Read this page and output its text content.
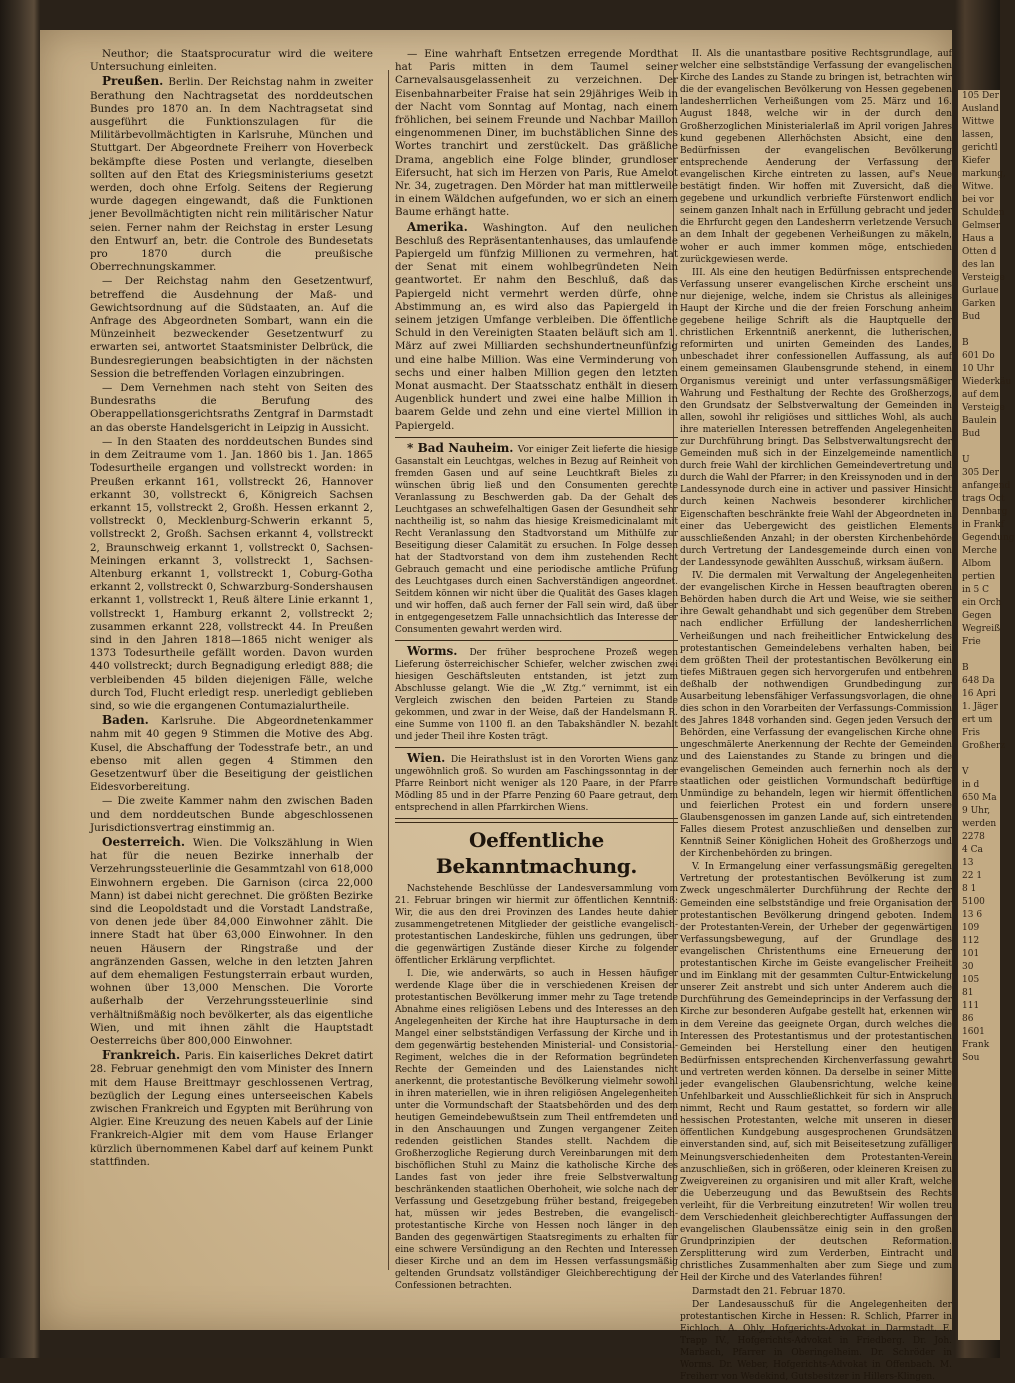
Neuthor; die Staatsprocuratur wird die weitere Untersuchung einleiten.

Preußen. Berlin. Der Reichstag nahm in zweiter Berathung den Nachtragsetat des norddeutschen Bundes pro 1870 an. In dem Nachtragsetat sind ausgeführt die Funktionszulagen für die Militärbevollmächtigten in Karlsruhe, München und Stuttgart. Der Abgeordnete Freiherr von Hoverbeck bekämpfte diese Posten und verlangte, dieselben sollten auf den Etat des Kriegsministeriums gesetzt werden, doch ohne Erfolg. Seitens der Regierung wurde dagegen eingewandt, daß die Funktionen jener Bevollmächtigten nicht rein militärischer Natur seien. Ferner nahm der Reichstag in erster Lesung den Entwurf an, betr. die Controle des Bundesetats pro 1870 durch die preußische Oberrechnungskammer.

— Der Reichstag nahm den Gesetzentwurf, betreffend die Ausdehnung der Maß- und Gewichtsordnung auf die Südstaaten, an. Auf die Anfrage des Abgeordneten Sombart, wann ein die Münzeinheit bezweckender Gesetzentwurf zu erwarten sei, antwortet Staatsminister Delbrück, die Bundesregierungen beabsichtigten in der nächsten Session die betreffenden Vorlagen einzubringen.

— Dem Vernehmen nach steht von Seiten des Bundesraths die Berufung des Oberappellationsgerichtsraths Zentgraf in Darmstadt an das oberste Handelsgericht in Leipzig in Aussicht.

— In den Staaten des norddeutschen Bundes sind in dem Zeitraume vom 1. Jan. 1860 bis 1. Jan. 1865 Todesurtheile ergangen und vollstreckt worden: in Preußen erkannt 161, vollstreckt 26, Hannover erkannt 30, vollstreckt 6, Königreich Sachsen erkannt 15, vollstreckt 2, Großh. Hessen erkannt 2, vollstreckt 0, Mecklenburg-Schwerin erkannt 5, vollstreckt 2, Großh. Sachsen erkannt 4, vollstreckt 2, Braunschweig erkannt 1, vollstreckt 0, Sachsen-Meiningen erkannt 3, vollstreckt 1, Sachsen-Altenburg erkannt 1, vollstreckt 1, Coburg-Gotha erkannt 2, vollstreckt 0, Schwarzburg-Sondershausen erkannt 1, vollstreckt 1, Reuß ältere Linie erkannt 1, vollstreckt 1, Hamburg erkannt 2, vollstreckt 2; zusammen erkannt 228, vollstreckt 44. In Preußen sind in den Jahren 1818—1865 nicht weniger als 1373 Todesurtheile gefällt worden. Davon wurden 440 vollstreckt; durch Begnadigung erledigt 888; die verbleibenden 45 bilden diejenigen Fälle, welche durch Tod, Flucht erledigt resp. unerledigt geblieben sind, so wie die ergangenen Contumazialurtheile.

Baden. Karlsruhe. Die Abgeordnetenkammer nahm mit 40 gegen 9 Stimmen die Motive des Abg. Kusel, die Abschaffung der Todesstrafe betr., an und ebenso mit allen gegen 4 Stimmen den Gesetzentwurf über die Beseitigung der geistlichen Eidesvorbereitung.

— Die zweite Kammer nahm den zwischen Baden und dem norddeutschen Bunde abgeschlossenen Jurisdictionsvertrag einstimmig an.

Oesterreich. Wien. Die Volkszählung in Wien hat für die neuen Bezirke innerhalb der Verzehrungssteuerlinie die Gesammtzahl von 618,000 Einwohnern ergeben. Die Garnison (circa 22,000 Mann) ist dabei nicht gerechnet. Die größten Bezirke sind die Leopoldstadt und die Vorstadt Landstraße, von denen jede über 84,000 Einwohner zählt. Die innere Stadt hat über 63,000 Einwohner. In den neuen Häusern der Ringstraße und der angränzenden Gassen, welche in den letzten Jahren auf dem ehemaligen Festungsterrain erbaut wurden, wohnen über 13,000 Menschen. Die Vororte außerhalb der Verzehrungssteuerlinie sind verhältnißmäßig noch bevölkerter, als das eigentliche Wien, und mit ihnen zählt die Hauptstadt Oesterreichs über 800,000 Einwohner.

Frankreich. Paris. Ein kaiserliches Dekret datirt 28. Februar genehmigt den vom Minister des Innern mit dem Hause Breittmayr geschlossenen Vertrag, bezüglich der Legung eines unterseeischen Kabels zwischen Frankreich und Egypten mit Berührung von Algier. Eine Kreuzung des neuen Kabels auf der Linie Frankreich-Algier mit dem vom Hause Erlanger kürzlich übernommenen Kabel darf auf keinem Punkt stattfinden.

— Eine wahrhaft Entsetzen erregende Mordthat hat Paris mitten in dem Taumel seiner Carnevalsausgelassenheit zu verzeichnen. Der Eisenbahnarbeiter Fraise hat sein 29jähriges Weib in der Nacht vom Sonntag auf Montag, nach einem fröhlichen, bei seinem Freunde und Nachbar Maillon eingenommenen Diner, im buchstäblichen Sinne des Wortes tranchirt und zerstückelt. Das gräßliche Drama, angeblich eine Folge blinder, grundloser Eifersucht, hat sich im Herzen von Paris, Rue Amelot Nr. 34, zugetragen. Den Mörder hat man mittlerweile in einem Wäldchen aufgefunden, wo er sich an einem Baume erhängt hatte.

Amerika. Washington. Auf den neulichen Beschluß des Repräsentantenhauses, das umlaufende Papiergeld um fünfzig Millionen zu vermehren, hat der Senat mit einem wohlbegründeten Nein geantwortet. Er nahm den Beschluß, daß das Papiergeld nicht vermehrt werden dürfe, ohne Abstimmung an, es wird also das Papiergeld in seinem jetzigen Umfange verbleiben. Die öffentliche Schuld in den Vereinigten Staaten beläuft sich am 1. März auf zwei Milliarden sechshundertneunfünfzig und eine halbe Million. Was eine Verminderung von sechs und einer halben Million gegen den letzten Monat ausmacht. Der Staatsschatz enthält in diesem Augenblick hundert und zwei eine halbe Million in baarem Gelde und zehn und eine viertel Million in Papiergeld.

* Bad Nauheim. Vor einiger Zeit lieferte die hiesige Gasanstalt ein Leuchtgas, welches in Bezug auf Reinheit von fremden Gasen und auf seine Leuchtkraft Bieles zu wünschen übrig ließ und den Consumenten gerechte Veranlassung zu Beschwerden gab. Da der Gehalt des Leuchtgases an schwefelhaltigen Gasen der Gesundheit sehr nachtheilig ist, so nahm das hiesige Kreismedicinalamt mit Recht Veranlassung den Stadtvorstand um Mithülfe zur Beseitigung dieser Calamität zu ersuchen. In Folge dessen hat der Stadtvorstand von dem ihm zustehenden Recht Gebrauch gemacht und eine periodische amtliche Prüfung des Leuchtgases durch einen Sachverständigen angeordnet. Seitdem können wir nicht über die Qualität des Gases klagen und wir hoffen, daß auch ferner der Fall sein wird, daß über in entgegengesetzem Falle unnachsichtlich das Interesse der Consumenten gewahrt werden wird.

Worms. Der früher besprochene Prozeß wegen Lieferung österreichischer Schiefer, welcher zwischen zwei hiesigen Geschäftsleuten entstanden, ist jetzt zum Abschlusse gelangt. Wie die „W. Ztg.“ vernimmt, ist ein Vergleich zwischen den beiden Parteien zu Stande gekommen, und zwar in der Weise, daß der Handelsmann R. eine Summe von 1100 fl. an den Tabakshändler N. bezahlt und jeder Theil ihre Kosten trägt.

Wien. Die Heirathslust ist in den Vororten Wiens ganz ungewöhnlich groß. So wurden am Faschingssonntag in der Pfarre Reinbort nicht weniger als 120 Paare, in der Pfarre Mödling 85 und in der Pfarre Penzing 60 Paare getraut, dem entsprechend in allen Pfarrkirchen Wiens.

Oeffentliche Bekanntmachung.

Nachstehende Beschlüsse der Landesversammlung vom 21. Februar bringen wir hiermit zur öffentlichen Kenntniß: Wir, die aus den drei Provinzen des Landes heute dahier zusammengetretenen Mitglieder der geistliche evangelisch-protestantischen Landeskirche, fühlen uns gedrungen, über die gegenwärtigen Zustände dieser Kirche zu folgender öffentlicher Erklärung verpflichtet.

I. Die, wie anderwärts, so auch in Hessen häufiger werdende Klage über die in verschiedenen Kreisen der protestantischen Bevölkerung immer mehr zu Tage tretende Abnahme eines religiösen Lebens und des Interesses an den Angelegenheiten der Kirche hat ihre Hauptursache in dem Mangel einer selbstständigen Verfassung der Kirche und in dem gegenwärtig bestehenden Ministerial- und Consistorial-Regiment, welches die in der Reformation begründeten Rechte der Gemeinden und des Laienstandes nicht anerkennt, die protestantische Bevölkerung vielmehr sowohl in ihren materiellen, wie in ihren religiösen Angelegenheiten unter die Vormundschaft der Staatsbehörden und des dem heutigen Gemeindebewußtsein zum Theil entfremdeten und in den Anschauungen und Zungen vergangener Zeiten redenden geistlichen Standes stellt. Nachdem die Großherzogliche Regierung durch Vereinbarungen mit dem bischöflichen Stuhl zu Mainz die katholische Kirche des Landes fast von jeder ihre freie Selbstverwaltung beschränkenden staatlichen Oberhoheit, wie solche nach der Verfassung und Gesetzgebung früher bestand, freigegeben hat, müssen wir jedes Bestreben, die evangelisch-protestantische Kirche von Hessen noch länger in den Banden des gegenwärtigen Staatsregiments zu erhalten für eine schwere Versündigung an den Rechten und Interessen dieser Kirche und an dem im Hessen verfassungsmäßig geltenden Grundsatz vollständiger Gleichberechtigung der Confessionen betrachten.

II. Als die unantastbare positive Rechtsgrundlage, auf welcher eine selbstständige Verfassung der evangelischen Kirche des Landes zu Stande zu bringen ist, betrachten wir die der evangelischen Bevölkerung von Hessen gegebenen landesherrlichen Verheißungen vom 25. März und 16. August 1848, welche wir in der durch den Großherzoglichen Ministerialerlaß im April vorigen Jahres kund gegebenen Allerhöchsten Absicht, eine den Bedürfnissen der evangelischen Bevölkerung entsprechende Aenderung der Verfassung der evangelischen Kirche eintreten zu lassen, auf's Neue bestätigt finden. Wir hoffen mit Zuversicht, daß die gegebene und urkundlich verbriefte Fürstenwort endlich seinem ganzen Inhalt nach in Erfüllung gebracht und jeder die Ehrfurcht gegen den Landesherrn verletzende Versuch an dem Inhalt der gegebenen Verheißungen zu mäkeln, woher er auch immer kommen möge, entschieden zurückgewiesen werde.

III. Als eine den heutigen Bedürfnissen entsprechende Verfassung unserer evangelischen Kirche erscheint uns nur diejenige, welche, indem sie Christus als alleiniges Haupt der Kirche und die der freien Forschung anheim gegebene heilige Schrift als die Hauptquelle der christlichen Erkenntniß anerkennt, die lutherischen, reformirten und unirten Gemeinden des Landes, unbeschadet ihrer confessionellen Auffassung, als auf einem gemeinsamen Glaubensgrunde stehend, in einem Organismus vereinigt und unter verfassungsmäßiger Wahrung und Festhaltung der Rechte des Großherzogs, den Grundsatz der Selbstverwaltung der Gemeinden in allen, sowohl ihr religiöses und sittliches Wohl, als auch ihre materiellen Interessen betreffenden Angelegenheiten zur Durchführung bringt. Das Selbstverwaltungsrecht der Gemeinden muß sich in der Einzelgemeinde namentlich durch freie Wahl der kirchlichen Gemeindevertretung und durch die Wahl der Pfarrer; in den Kreissynoden und in der Landessynode durch eine in activer und passiver Hinsicht durch keinen Nachweis besonderer kirchlicher Eigenschaften beschränkte freie Wahl der Abgeordneten in einer das Uebergewicht des geistlichen Elements ausschließenden Anzahl; in der obersten Kirchenbehörde durch Vertretung der Landesgemeinde durch einen von der Landessynode gewählten Ausschuß, wirksam äußern.

IV. Die dermalen mit Verwaltung der Angelegenheiten der evangelischen Kirche in Hessen beauftragten oberen Behörden haben durch die Art und Weise, wie sie seither ihre Gewalt gehandhabt und sich gegenüber dem Streben nach endlicher Erfüllung der landesherrlichen Verheißungen und nach freiheitlicher Entwickelung des protestantischen Gemeindelebens verhalten haben, bei dem größten Theil der protestantischen Bevölkerung ein tiefes Mißtrauen gegen sich hervorgerufen und entbehren deßhalb der nothwendigen Grundbedingung zur Ausarbeitung lebensfähiger Verfassungsvorlagen, die ohne dies schon in den Vorarbeiten der Verfassungs-Commission des Jahres 1848 vorhanden sind. Gegen jeden Versuch der Behörden, eine Verfassung der evangelischen Kirche ohne ungeschmälerte Anerkennung der Rechte der Gemeinden und des Laienstandes zu Stande zu bringen und die evangelischen Gemeinden auch fernerhin noch als der staatlichen oder geistlichen Vormundschaft bedürftige Unmündige zu behandeln, legen wir hiermit öffentlichen und feierlichen Protest ein und fordern unsere Glaubensgenossen im ganzen Lande auf, sich eintretenden Falles diesem Protest anzuschließen und denselben zur Kenntniß Seiner Königlichen Hoheit des Großherzogs und der Kirchenbehörden zu bringen.

V. In Ermangelung einer verfassungsmäßig geregelten Vertretung der protestantischen Bevölkerung ist zum Zweck ungeschmälerter Durchführung der Rechte der Gemeinden eine selbstständige und freie Organisation der protestantischen Bevölkerung dringend geboten. Indem der Protestanten-Verein, der Urheber der gegenwärtigen Verfassungsbewegung, auf der Grundlage des evangelischen Christenthums eine Erneuerung der protestantischen Kirche im Geiste evangelischer Freiheit und im Einklang mit der gesammten Cultur-Entwickelung unserer Zeit anstrebt und sich unter Anderem auch die Durchführung des Gemeindeprincips in der Verfassung der Kirche zur besonderen Aufgabe gestellt hat, erkennen wir in dem Vereine das geeignete Organ, durch welches die Interessen des Protestantismus und der protestantischen Gemeinden bei Herstellung einer den heutigen Bedürfnissen entsprechenden Kirchenverfassung gewahrt und vertreten werden können. Da derselbe in seiner Mitte jeder evangelischen Glaubensrichtung, welche keine Unfehlbarkeit und Ausschließlichkeit für sich in Anspruch nimmt, Recht und Raum gestattet, so fordern wir alle hessischen Protestanten, welche mit unseren in dieser öffentlichen Kundgebung ausgesprochenen Grundsätzen einverstanden sind, auf, sich mit Beiseitesetzung zufälliger Meinungsverschiedenheiten dem Protestanten-Verein anzuschließen, sich in größeren, oder kleineren Kreisen zu Zweigvereinen zu organisiren und mit aller Kraft, welche die Ueberzeugung und das Bewußtsein des Rechts verleiht, für die Verbreitung einzutreten! Wir wollen treu dem Verschiedenheit gleichberechtigter Auffassungen der evangelischen Glaubenssätze einig sein in den großen Grundprinzipien der deutschen Reformation. Zersplitterung wird zum Verderben, Eintracht und christliches Zusammenhalten aber zum Siege und zum Heil der Kirche und des Vaterlandes führen!

Darmstadt den 21. Februar 1870.

Der Landesausschuß für die Angelegenheiten der protestantischen Kirche in Hessen: R. Schlich, Pfarrer in Eichloch. A. Ohly, Hofgerichts-Advokat in Darmstadt. E. Trapp IV., Hofgerichts-Advokat in Friedberg. Dr. Joh. Marbach, Pfarrer in Oberingelheim. Dr. Schröder in Worms. Dr. Weber, Hofgerichts-Advokat in Offenbach. M. Freiherr von Wedekind, Gutsbesitzer in Hillers-Klingen.

105 Der
Ausland
Wittwe
lassen,
gerichtl
Kiefer
markung,
Witwe.
bei vor
Schulden
Gelmser
Haus a
Otten d
des lan
Versteige
Gurlaue
Garken
Bud

B
601 Do
10 Uhr
Wiederkäu
auf dem
Versteige
Baulein
Bud

U
305 Der
anfangend
trags Oct
Dennbarg
in Frankf
Gegendung
Merche
Albom
pertien
in 5 C
ein Orch
Gegen
Wegreiß
Frie

B
648 Da
16 Apri
1. Jäger
ert um
Fris
Großherz

V
in d
650 Ma
9 Uhr,
werden
2278
4 Ca
13
22 1
8 1
5100
13 6
109
112
101
30
105
81
111
86
1601
Frank
Sou
